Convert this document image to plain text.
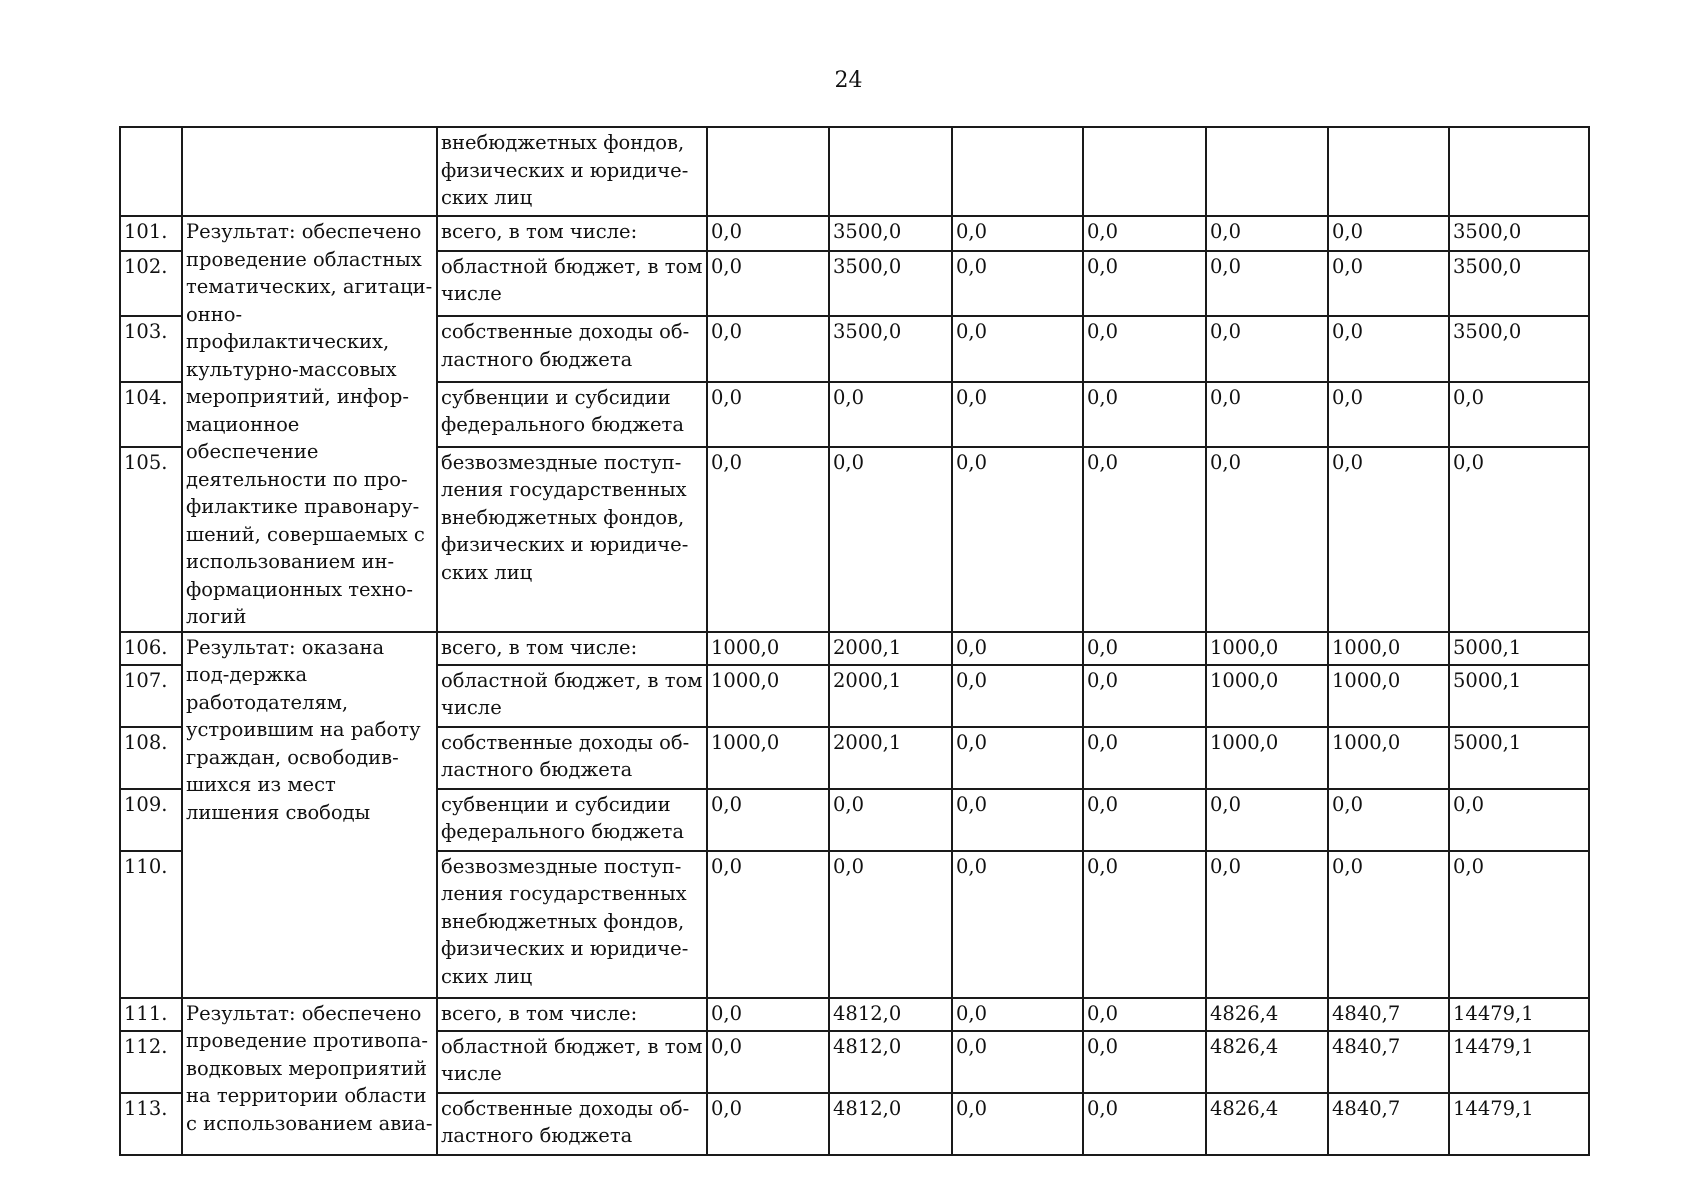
24
		внебюджетных фондов, физических и юридиче-ских лиц							
101.	Результат: обеспечено проведение областных тематических, агитаци-онно-профилактических, культурно-массовых мероприятий, инфор-мационное обеспечение деятельности по про-филактике правонару-шений, совершаемых с использованием ин-формационных техно-логий	всего, в том числе:	0,0	3500,0	0,0	0,0	0,0	0,0	3500,0
102.		областной бюджет, в том числе	0,0	3500,0	0,0	0,0	0,0	0,0	3500,0
103.		собственные доходы об-ластного бюджета	0,0	3500,0	0,0	0,0	0,0	0,0	3500,0
104.		субвенции и субсидии федерального бюджета	0,0	0,0	0,0	0,0	0,0	0,0	0,0
105.		безвозмездные поступ-ления государственных внебюджетных фондов, физических и юридиче-ских лиц	0,0	0,0	0,0	0,0	0,0	0,0	0,0
106.	Результат: оказана под-держка работодателям, устроившим на работу граждан, освободив-шихся из мест лишения свободы	всего, в том числе:	1000,0	2000,1	0,0	0,0	1000,0	1000,0	5000,1
107.		областной бюджет, в том числе	1000,0	2000,1	0,0	0,0	1000,0	1000,0	5000,1
108.		собственные доходы об-ластного бюджета	1000,0	2000,1	0,0	0,0	1000,0	1000,0	5000,1
109.		субвенции и субсидии федерального бюджета	0,0	0,0	0,0	0,0	0,0	0,0	0,0
110.		безвозмездные поступ-ления государственных внебюджетных фондов, физических и юридиче-ских лиц	0,0	0,0	0,0	0,0	0,0	0,0	0,0
111.	Результат: обеспечено проведение противопа-водковых мероприятий на территории области с использованием авиа-	всего, в том числе:	0,0	4812,0	0,0	0,0	4826,4	4840,7	14479,1
112.		областной бюджет, в том числе	0,0	4812,0	0,0	0,0	4826,4	4840,7	14479,1
113.		собственные доходы об-ластного бюджета	0,0	4812,0	0,0	0,0	4826,4	4840,7	14479,1
